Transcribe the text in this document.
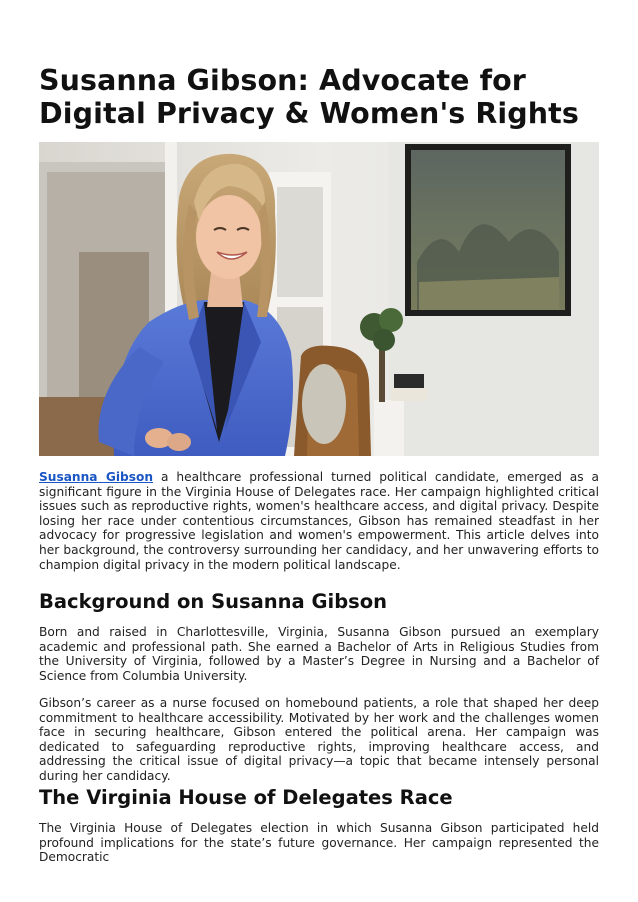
Susanna Gibson: Advocate for Digital Privacy & Women's Rights

Susanna Gibson a healthcare professional turned political candidate, emerged as a significant figure in the Virginia House of Delegates race. Her campaign highlighted critical issues such as reproductive rights, women's healthcare access, and digital privacy. Despite losing her race under contentious circumstances, Gibson has remained steadfast in her advocacy for progressive legislation and women's empowerment. This article delves into her background, the controversy surrounding her candidacy, and her unwavering efforts to champion digital privacy in the modern political landscape.

Background on Susanna Gibson

Born and raised in Charlottesville, Virginia, Susanna Gibson pursued an exemplary academic and professional path. She earned a Bachelor of Arts in Religious Studies from the University of Virginia, followed by a Master’s Degree in Nursing and a Bachelor of Science from Columbia University.

Gibson’s career as a nurse focused on homebound patients, a role that shaped her deep commitment to healthcare accessibility. Motivated by her work and the challenges women face in securing healthcare, Gibson entered the political arena. Her campaign was dedicated to safeguarding reproductive rights, improving healthcare access, and addressing the critical issue of digital privacy—a topic that became intensely personal during her candidacy.

The Virginia House of Delegates Race

The Virginia House of Delegates election in which Susanna Gibson participated held profound implications for the state’s future governance. Her campaign represented the Democratic
